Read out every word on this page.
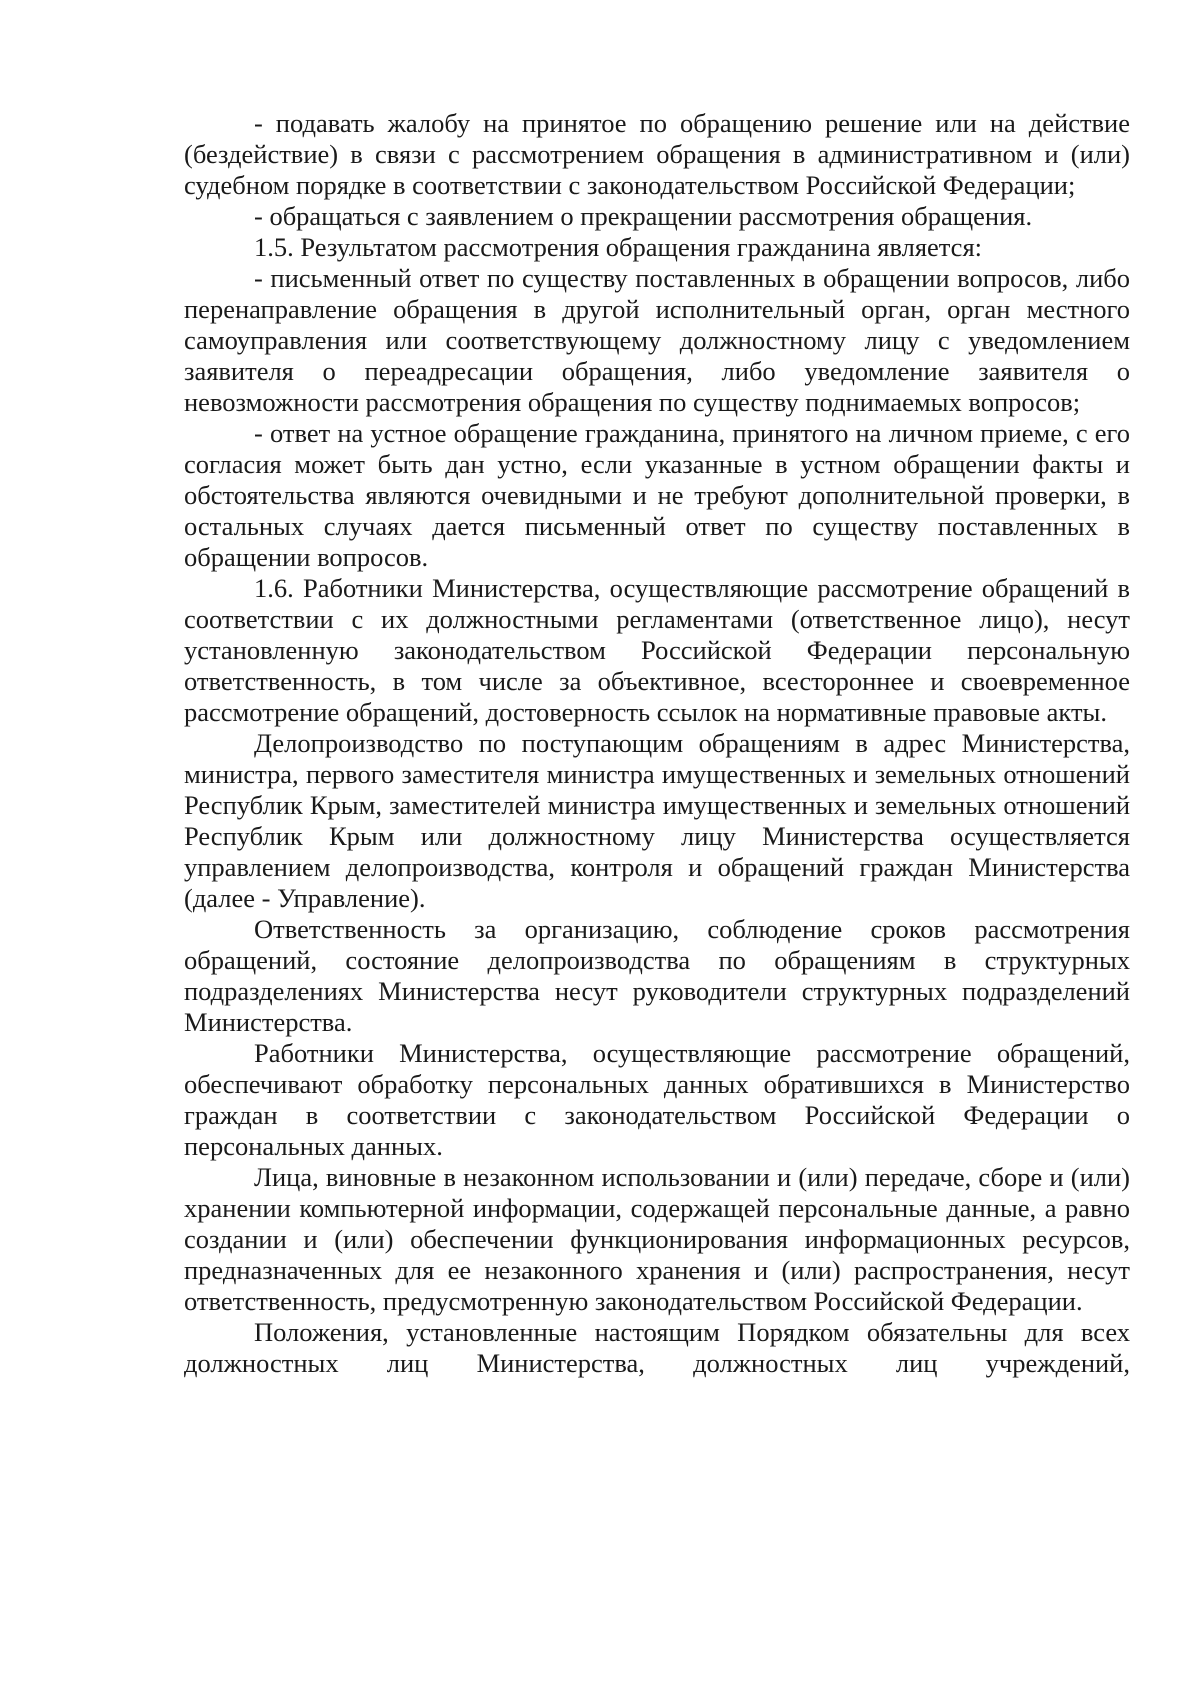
- подавать жалобу на принятое по обращению решение или на действие (бездействие) в связи с рассмотрением обращения в административном и (или) судебном порядке в соответствии с законодательством Российской Федерации;

- обращаться с заявлением о прекращении рассмотрения обращения.

1.5. Результатом рассмотрения обращения гражданина является:

- письменный ответ по существу поставленных в обращении вопросов, либо перенаправление обращения в другой исполнительный орган, орган местного самоуправления или соответствующему должностному лицу с уведомлением заявителя о переадресации обращения, либо уведомление заявителя о невозможности рассмотрения обращения по существу поднимаемых вопросов;

- ответ на устное обращение гражданина, принятого на личном приеме, с его согласия может быть дан устно, если указанные в устном обращении факты и обстоятельства являются очевидными и не требуют дополнительной проверки, в остальных случаях дается письменный ответ по существу поставленных в обращении вопросов.

1.6. Работники Министерства, осуществляющие рассмотрение обращений в соответствии с их должностными регламентами (ответственное лицо), несут установленную законодательством Российской Федерации персональную ответственность, в том числе за объективное, всестороннее и своевременное рассмотрение обращений, достоверность ссылок на нормативные правовые акты.

Делопроизводство по поступающим обращениям в адрес Министерства, министра, первого заместителя министра имущественных и земельных отношений Республик Крым, заместителей министра имущественных и земельных отношений Республик Крым или должностному лицу Министерства осуществляется управлением делопроизводства, контроля и обращений граждан Министерства (далее - Управление).

Ответственность за организацию, соблюдение сроков рассмотрения обращений, состояние делопроизводства по обращениям в структурных подразделениях Министерства несут руководители структурных подразделений Министерства.

Работники Министерства, осуществляющие рассмотрение обращений, обеспечивают обработку персональных данных обратившихся в Министерство граждан в соответствии с законодательством Российской Федерации о персональных данных.

Лица, виновные в незаконном использовании и (или) передаче, сборе и (или) хранении компьютерной информации, содержащей персональные данные, а равно создании и (или) обеспечении функционирования информационных ресурсов, предназначенных для ее незаконного хранения и (или) распространения, несут ответственность, предусмотренную законодательством Российской Федерации.

Положения, установленные настоящим Порядком обязательны для всех должностных лиц Министерства, должностных лиц учреждений,
